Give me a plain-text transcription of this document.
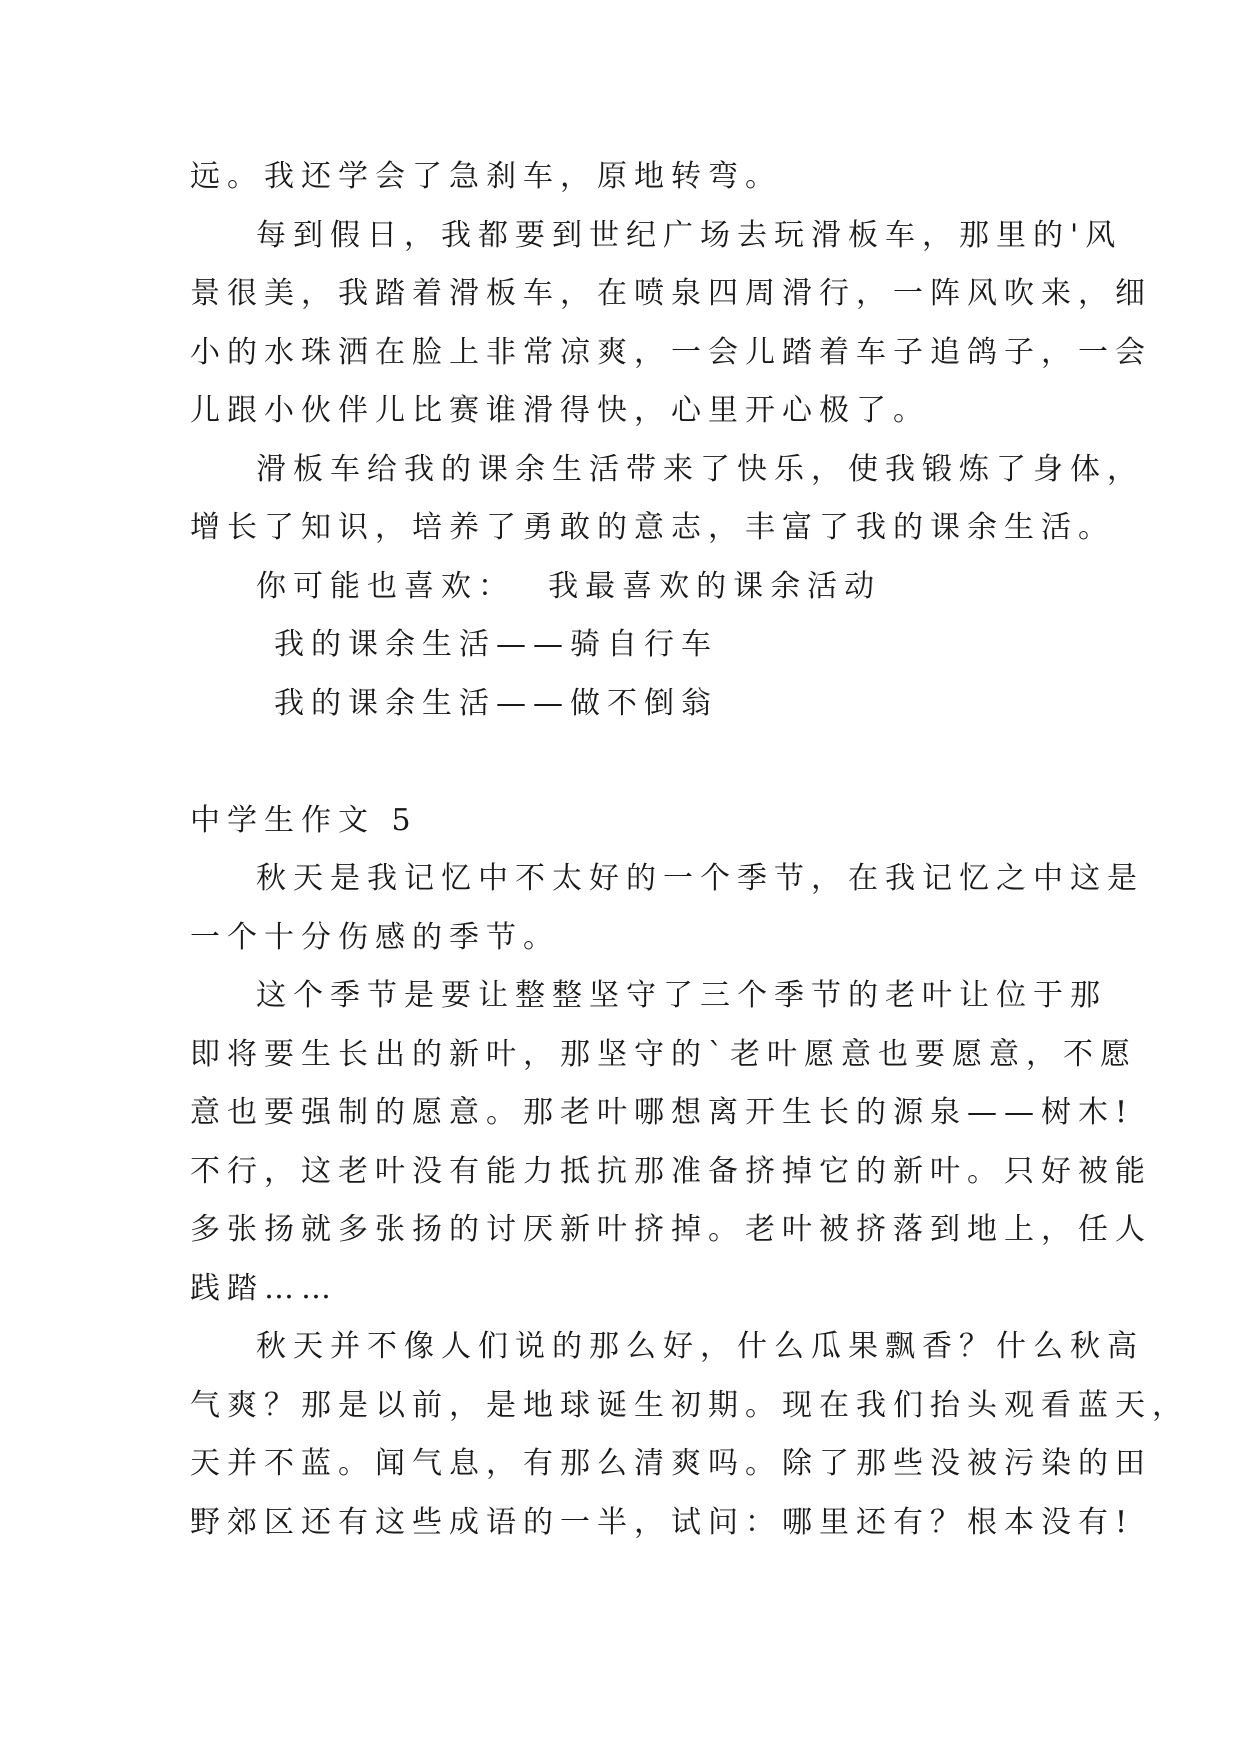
远。我还学会了急刹车，原地转弯。
每到假日，我都要到世纪广场去玩滑板车，那里的'风
景很美，我踏着滑板车，在喷泉四周滑行，一阵风吹来，细
小的水珠洒在脸上非常凉爽，一会儿踏着车子追鸽子，一会
儿跟小伙伴儿比赛谁滑得快，心里开心极了。
滑板车给我的课余生活带来了快乐，使我锻炼了身体，
增长了知识，培养了勇敢的意志，丰富了我的课余生活。
你可能也喜欢：  我最喜欢的课余活动
我的课余生活——骑自行车
我的课余生活——做不倒翁
中学生作文 5
秋天是我记忆中不太好的一个季节，在我记忆之中这是
一个十分伤感的季节。
这个季节是要让整整坚守了三个季节的老叶让位于那
即将要生长出的新叶，那坚守的`老叶愿意也要愿意，不愿
意也要强制的愿意。那老叶哪想离开生长的源泉——树木!
不行，这老叶没有能力抵抗那准备挤掉它的新叶。只好被能
多张扬就多张扬的讨厌新叶挤掉。老叶被挤落到地上，任人
践踏……
秋天并不像人们说的那么好，什么瓜果飘香？什么秋高
气爽？那是以前，是地球诞生初期。现在我们抬头观看蓝天，
天并不蓝。闻气息，有那么清爽吗。除了那些没被污染的田
野郊区还有这些成语的一半，试问：哪里还有？根本没有!
